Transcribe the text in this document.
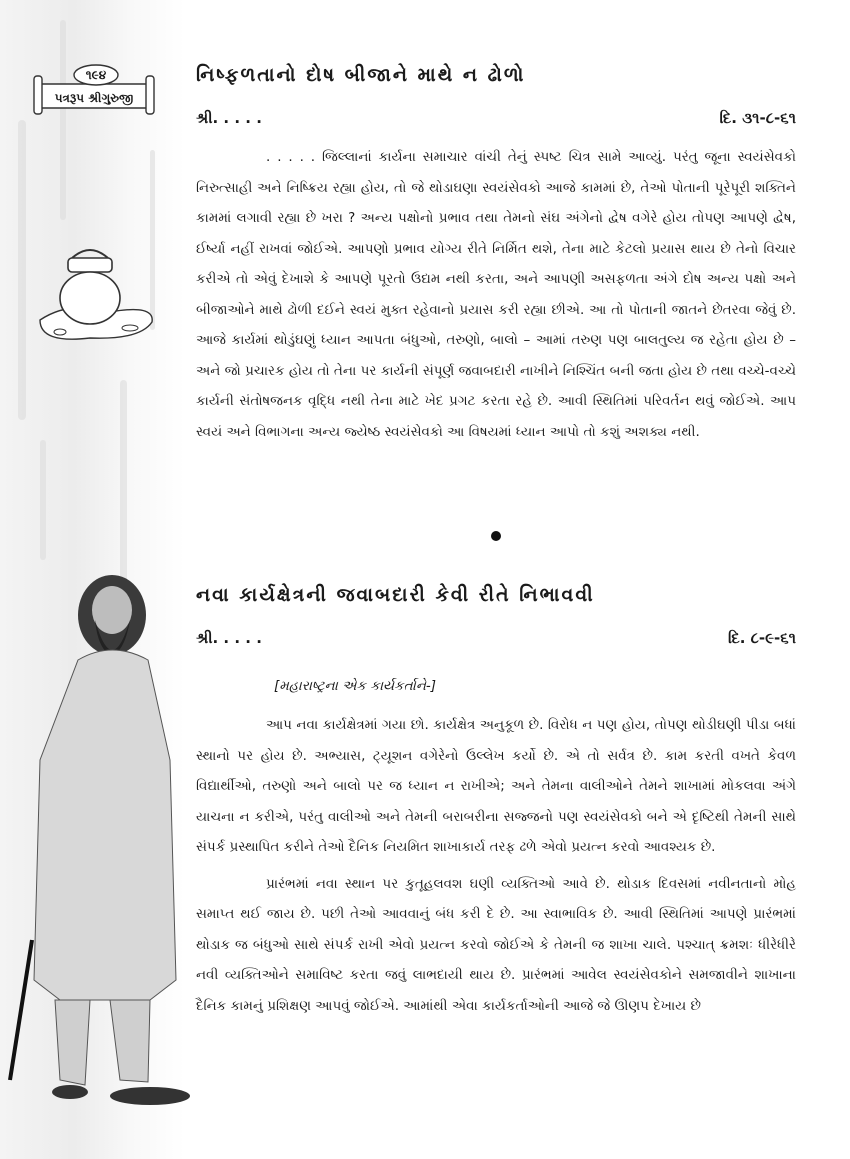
૧૯૪
પત્રરૂપ શ્રીગુરુજી
નિષ્ફળતાનો દોષ બીજાને માથે ન ઢોળો
શ્રી. . . . .	દિ. ૩૧-૮-૬૧

. . . . . જિલ્લાનાં કાર્યના સમાચાર વાંચી તેનું સ્પષ્ટ ચિત્ર સામે આવ્યું. પરંતુ જૂના સ્વયંસેવકો નિરુત્સાહી અને નિષ્ક્રિય રહ્યા હોય, તો જે થોડાઘણા સ્વયંસેવકો આજે કામમાં છે, તેઓ પોતાની પૂરેપૂરી શક્તિને કામમાં લગાવી રહ્યા છે ખરા ? અન્ય પક્ષોનો પ્રભાવ તથા તેમનો સંઘ અંગેનો દ્વેષ વગેરે હોય તોપણ આપણે દ્વેષ, ઈર્ષ્યા નહીં રાખવાં જોઈએ. આપણો પ્રભાવ યોગ્ય રીતે નિર્મિત થશે, તેના માટે કેટલો પ્રયાસ થાય છે તેનો વિચાર કરીએ તો એવું દેખાશે કે આપણે પૂરતો ઉદ્યમ નથી કરતા, અને આપણી અસફળતા અંગે દોષ અન્ય પક્ષો અને બીજાઓને માથે ઢોળી દઈને સ્વયં મુક્ત રહેવાનો પ્રયાસ કરી રહ્યા છીએ. આ તો પોતાની જાતને છેતરવા જેવું છે. આજે કાર્યમાં થોડુંઘણું ધ્યાન આપતા બંધુઓ, તરુણો, બાલો – આમાં તરુણ પણ બાલતુલ્ય જ રહેતા હોય છે – અને જો પ્રચારક હોય તો તેના પર કાર્યની સંપૂર્ણ જવાબદારી નાખીને નિશ્ચિંત બની જતા હોય છે તથા વચ્ચે-વચ્ચે કાર્યની સંતોષજનક વૃદ્ધિ નથી તેના માટે ખેદ પ્રગટ કરતા રહે છે. આવી સ્થિતિમાં પરિવર્તન થવું જોઈએ. આપ સ્વયં અને વિભાગના અન્ય જ્યેષ્ઠ સ્વયંસેવકો આ વિષયમાં ધ્યાન આપો તો કશું અશક્ય નથી.

નવા કાર્યક્ષેત્રની જવાબદારી કેવી રીતે નિભાવવી
શ્રી. . . . .	દિ. ૮-૯-૬૧
[મહારાષ્ટ્રના એક કાર્યકર્તાને-]

આપ નવા કાર્યક્ષેત્રમાં ગયા છો. કાર્યક્ષેત્ર અનુકૂળ છે. વિરોધ ન પણ હોય, તોપણ થોડીઘણી પીડા બધાં સ્થાનો પર હોય છે. અભ્યાસ, ટ્યૂશન વગેરેનો ઉલ્લેખ કર્યો છે. એ તો સર્વત્ર છે. કામ કરતી વખતે કેવળ વિદ્યાર્થીઓ, તરુણો અને બાલો પર જ ધ્યાન ન રાખીએ; અને તેમના વાલીઓને તેમને શાખામાં મોકલવા અંગે યાચના ન કરીએ, પરંતુ વાલીઓ અને તેમની બરાબરીના સજ્જનો પણ સ્વયંસેવકો બને એ દૃષ્ટિથી તેમની સાથે સંપર્ક પ્રસ્થાપિત કરીને તેઓ દૈનિક નિયમિત શાખાકાર્ય તરફ ઢળે એવો પ્રયત્ન કરવો આવશ્યક છે.

પ્રારંભમાં નવા સ્થાન પર કુતૂહલવશ ઘણી વ્યક્તિઓ આવે છે. થોડાક દિવસમાં નવીનતાનો મોહ સમાપ્ત થઈ જાય છે. પછી તેઓ આવવાનું બંધ કરી દે છે. આ સ્વાભાવિક છે. આવી સ્થિતિમાં આપણે પ્રારંભમાં થોડાક જ બંધુઓ સાથે સંપર્ક રાખી એવો પ્રયત્ન કરવો જોઈએ કે તેમની જ શાખા ચાલે. પશ્ચાત્ ક્રમશઃ ધીરેધીરે નવી વ્યક્તિઓને સમાવિષ્ટ કરતા જવું લાભદાયી થાય છે. પ્રારંભમાં આવેલ સ્વયંસેવકોને સમજાવીને શાખાના દૈનિક કામનું પ્રશિક્ષણ આપવું જોઈએ. આમાંથી એવા કાર્યકર્તાઓની આજે જે ઊણપ દેખાય છે
